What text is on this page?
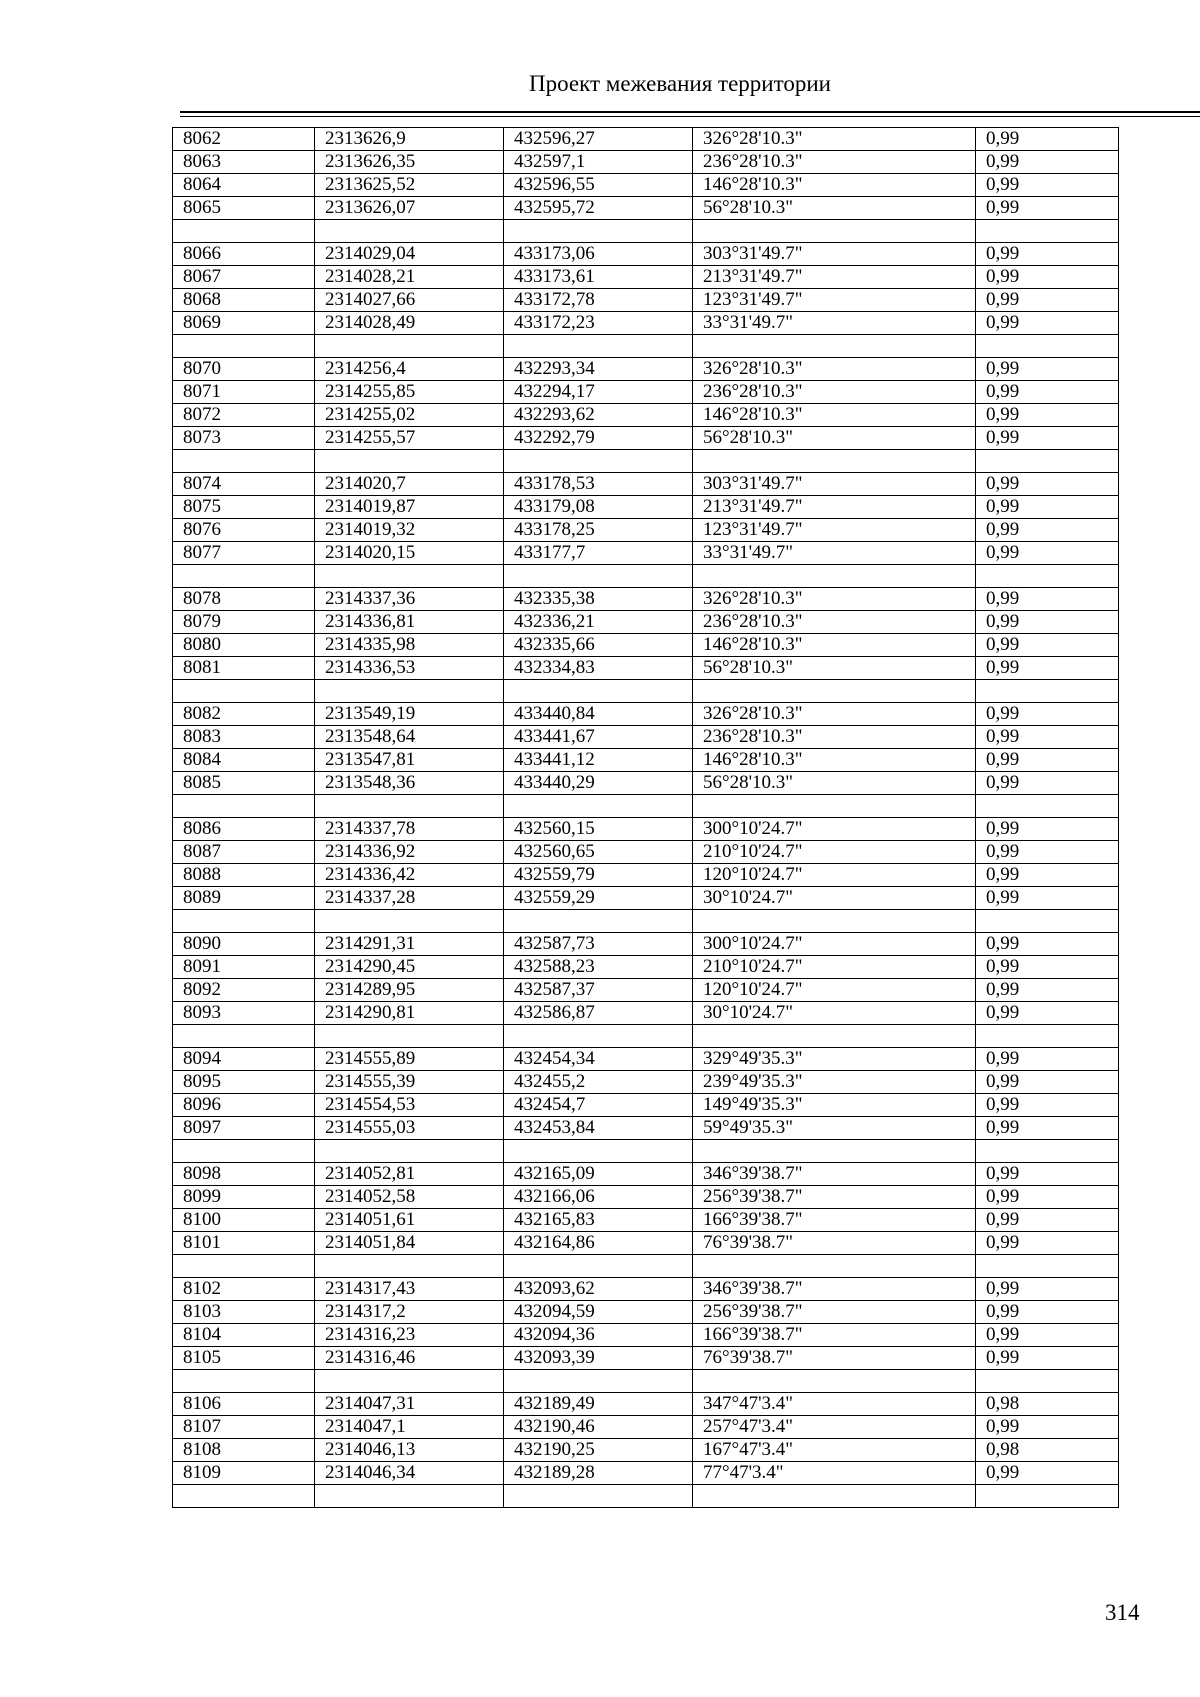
Проект межевания территории
8062	2313626,9	432596,27	326°28'10.3"	0,99
8063	2313626,35	432597,1	236°28'10.3"	0,99
8064	2313625,52	432596,55	146°28'10.3"	0,99
8065	2313626,07	432595,72	56°28'10.3"	0,99

8066	2314029,04	433173,06	303°31'49.7"	0,99
8067	2314028,21	433173,61	213°31'49.7"	0,99
8068	2314027,66	433172,78	123°31'49.7"	0,99
8069	2314028,49	433172,23	33°31'49.7"	0,99

8070	2314256,4	432293,34	326°28'10.3"	0,99
8071	2314255,85	432294,17	236°28'10.3"	0,99
8072	2314255,02	432293,62	146°28'10.3"	0,99
8073	2314255,57	432292,79	56°28'10.3"	0,99

8074	2314020,7	433178,53	303°31'49.7"	0,99
8075	2314019,87	433179,08	213°31'49.7"	0,99
8076	2314019,32	433178,25	123°31'49.7"	0,99
8077	2314020,15	433177,7	33°31'49.7"	0,99

8078	2314337,36	432335,38	326°28'10.3"	0,99
8079	2314336,81	432336,21	236°28'10.3"	0,99
8080	2314335,98	432335,66	146°28'10.3"	0,99
8081	2314336,53	432334,83	56°28'10.3"	0,99

8082	2313549,19	433440,84	326°28'10.3"	0,99
8083	2313548,64	433441,67	236°28'10.3"	0,99
8084	2313547,81	433441,12	146°28'10.3"	0,99
8085	2313548,36	433440,29	56°28'10.3"	0,99

8086	2314337,78	432560,15	300°10'24.7"	0,99
8087	2314336,92	432560,65	210°10'24.7"	0,99
8088	2314336,42	432559,79	120°10'24.7"	0,99
8089	2314337,28	432559,29	30°10'24.7"	0,99

8090	2314291,31	432587,73	300°10'24.7"	0,99
8091	2314290,45	432588,23	210°10'24.7"	0,99
8092	2314289,95	432587,37	120°10'24.7"	0,99
8093	2314290,81	432586,87	30°10'24.7"	0,99

8094	2314555,89	432454,34	329°49'35.3"	0,99
8095	2314555,39	432455,2	239°49'35.3"	0,99
8096	2314554,53	432454,7	149°49'35.3"	0,99
8097	2314555,03	432453,84	59°49'35.3"	0,99

8098	2314052,81	432165,09	346°39'38.7"	0,99
8099	2314052,58	432166,06	256°39'38.7"	0,99
8100	2314051,61	432165,83	166°39'38.7"	0,99
8101	2314051,84	432164,86	76°39'38.7"	0,99

8102	2314317,43	432093,62	346°39'38.7"	0,99
8103	2314317,2	432094,59	256°39'38.7"	0,99
8104	2314316,23	432094,36	166°39'38.7"	0,99
8105	2314316,46	432093,39	76°39'38.7"	0,99

8106	2314047,31	432189,49	347°47'3.4"	0,98
8107	2314047,1	432190,46	257°47'3.4"	0,99
8108	2314046,13	432190,25	167°47'3.4"	0,98
8109	2314046,34	432189,28	77°47'3.4"	0,99

314
